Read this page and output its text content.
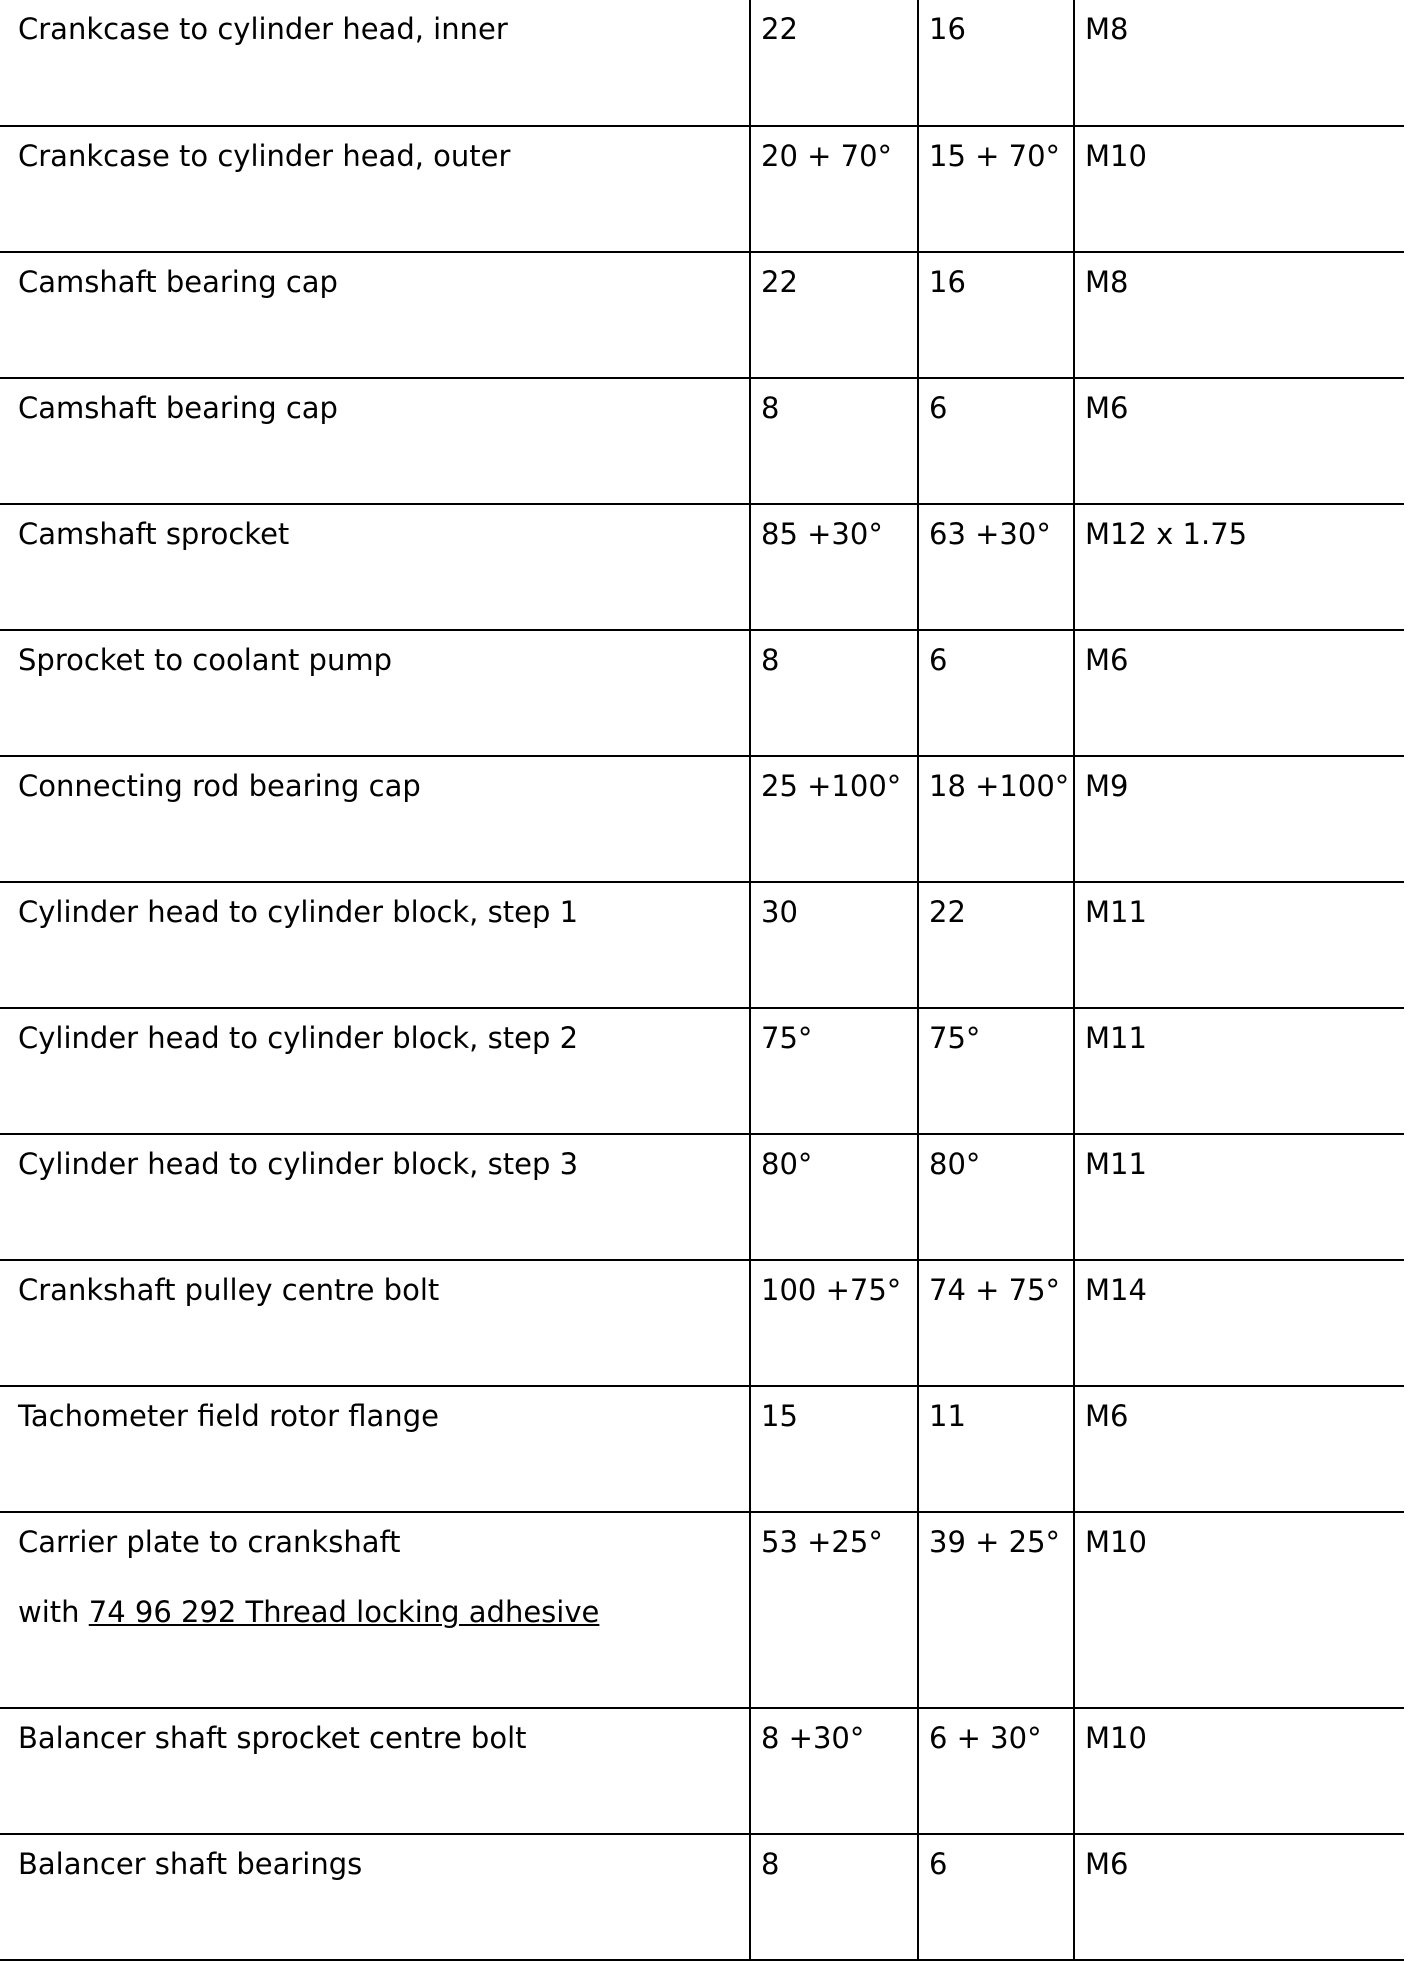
Crankcase to cylinder head, inner	22	16	M8
Crankcase to cylinder head, outer	20 + 70°	15 + 70°	M10
Camshaft bearing cap	22	16	M8
Camshaft bearing cap	8	6	M6
Camshaft sprocket	85 +30°	63 +30°	M12 x 1.75
Sprocket to coolant pump	8	6	M6
Connecting rod bearing cap	25 +100°	18 +100°	M9
Cylinder head to cylinder block, step 1	30	22	M11
Cylinder head to cylinder block, step 2	75°	75°	M11
Cylinder head to cylinder block, step 3	80°	80°	M11
Crankshaft pulley centre bolt	100 +75°	74 + 75°	M14
Tachometer field rotor flange	15	11	M6
Carrier plate to crankshaft
with 74 96 292 Thread locking adhesive	53 +25°	39 + 25°	M10
Balancer shaft sprocket centre bolt	8 +30°	6 + 30°	M10
Balancer shaft bearings	8	6	M6
